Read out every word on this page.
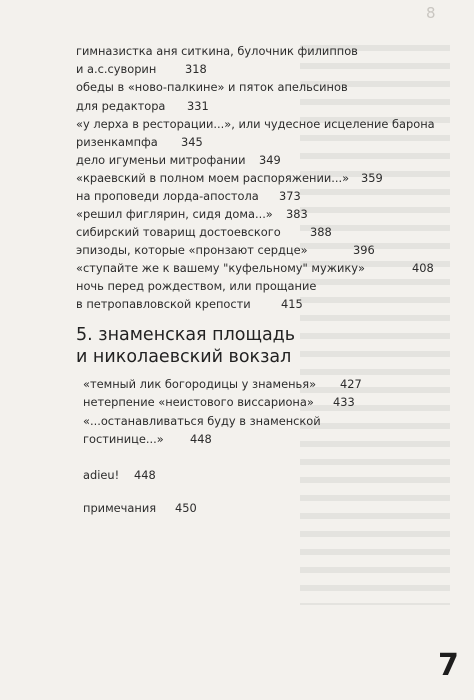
8
гимназистка аня ситкина, булочник филиппов
и а.с.суворин	318
обеды в «ново-палкине» и пяток апельсинов
для редактора 331
«у лерха в ресторации...», или чудесное исцеление барона
ризенкампфа 345
дело игуменьи митрофании 349
«краевский в полном моем распоряжении...» 359
на проповеди лорда-апостола 373
«решил фиглярин, сидя дома...» 383
сибирский товарищ достоевского	388
эпизоды, которые «пронзают сердце»	396
«ступайте же к вашему "куфельному" мужику»	408
ночь перед рождеством, или прощание
в петропавловской крепости	415
5. знаменская площадь
и николаевский вокзал
«темный лик богородицы у знаменья» 427
нетерпение «неистового виссариона» 433
«...останавливаться буду в знаменской
гостинице...» 448
adieu! 448
примечания 450
7
